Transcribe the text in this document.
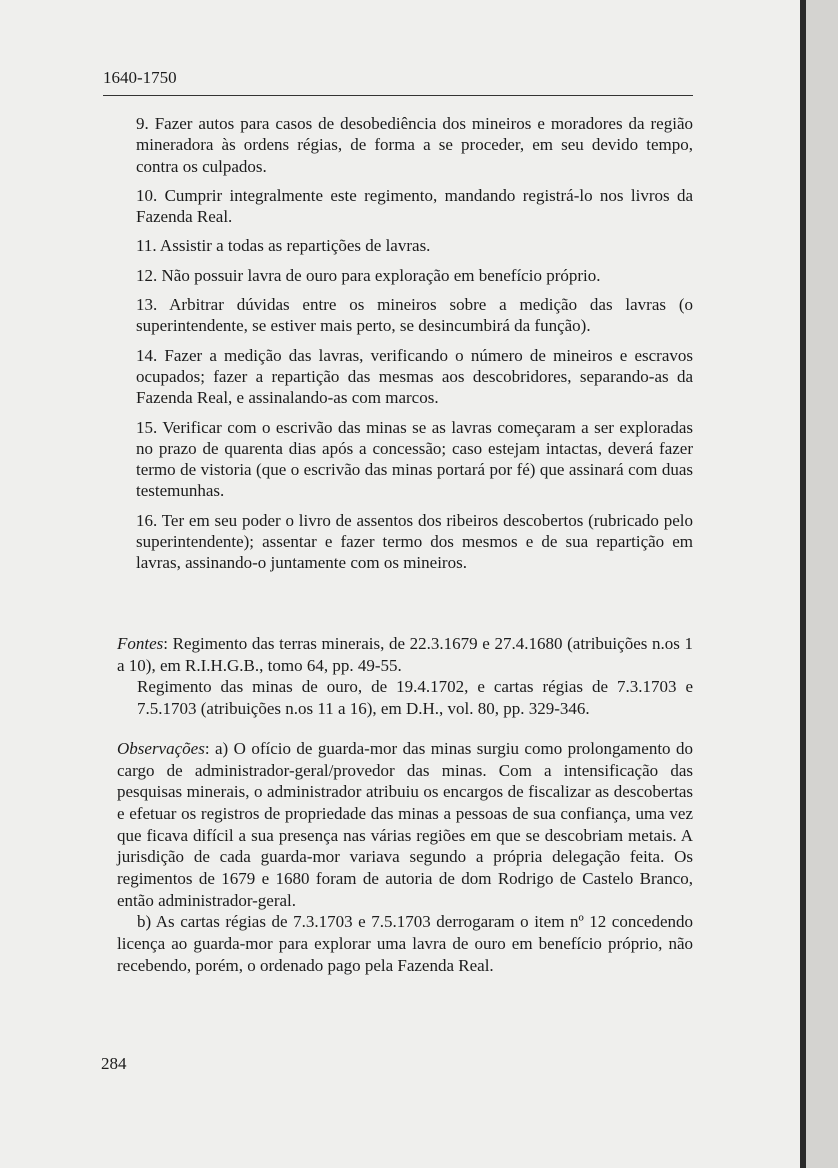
1640-1750

9. Fazer autos para casos de desobediência dos mineiros e moradores da região mineradora às ordens régias, de forma a se proceder, em seu devido tempo, contra os culpados.

10. Cumprir integralmente este regimento, mandando registrá-lo nos livros da Fazenda Real.

11. Assistir a todas as repartições de lavras.

12. Não possuir lavra de ouro para exploração em benefício próprio.

13. Arbitrar dúvidas entre os mineiros sobre a medição das lavras (o superintendente, se estiver mais perto, se desincumbirá da função).

14. Fazer a medição das lavras, verificando o número de mineiros e escravos ocupados; fazer a repartição das mesmas aos descobridores, separando-as da Fazenda Real, e assinalando-as com marcos.

15. Verificar com o escrivão das minas se as lavras começaram a ser exploradas no prazo de quarenta dias após a concessão; caso estejam intactas, deverá fazer termo de vistoria (que o escrivão das minas portará por fé) que assinará com duas testemunhas.

16. Ter em seu poder o livro de assentos dos ribeiros descobertos (rubricado pelo superintendente); assentar e fazer termo dos mesmos e de sua repartição em lavras, assinando-o juntamente com os mineiros.

Fontes: Regimento das terras minerais, de 22.3.1679 e 27.4.1680 (atribuições n.os 1 a 10), em R.I.H.G.B., tomo 64, pp. 49-55.
Regimento das minas de ouro, de 19.4.1702, e cartas régias de 7.3.1703 e 7.5.1703 (atribuições n.os 11 a 16), em D.H., vol. 80, pp. 329-346.
Observações: a) O ofício de guarda-mor das minas surgiu como prolongamento do cargo de administrador-geral/provedor das minas. Com a intensificação das pesquisas minerais, o administrador atribuiu os encargos de fiscalizar as descobertas e efetuar os registros de propriedade das minas a pessoas de sua confiança, uma vez que ficava difícil a sua presença nas várias regiões em que se descobriam metais. A jurisdição de cada guarda-mor variava segundo a própria delegação feita. Os regimentos de 1679 e 1680 foram de autoria de dom Rodrigo de Castelo Branco, então administrador-geral.
b) As cartas régias de 7.3.1703 e 7.5.1703 derrogaram o item nº 12 concedendo licença ao guarda-mor para explorar uma lavra de ouro em benefício próprio, não recebendo, porém, o ordenado pago pela Fazenda Real.
284
